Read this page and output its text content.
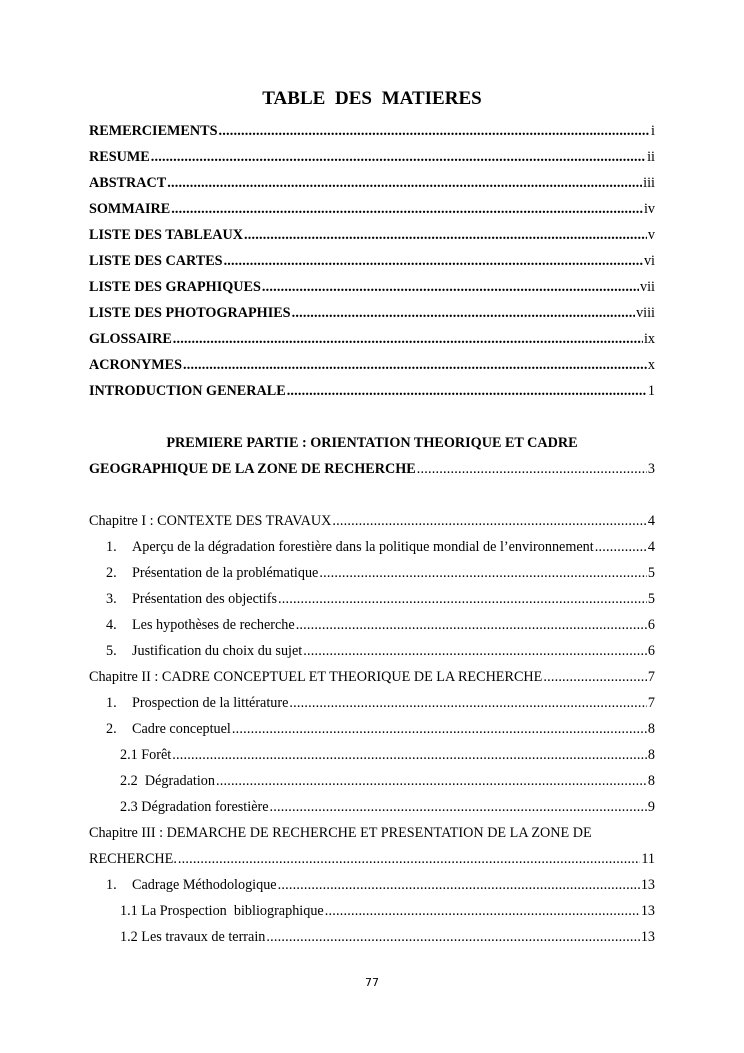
TABLE DES MATIERES
REMERCIEMENTS .....	i
RESUME .....	ii
ABSTRACT .....	iii
SOMMAIRE .....	iv
LISTE DES TABLEAUX .....	v
LISTE DES CARTES .....	vi
LISTE DES GRAPHIQUES .....	vii
LISTE DES PHOTOGRAPHIES .....	viii
GLOSSAIRE .....	ix
ACRONYMES .....	x
INTRODUCTION GENERALE .....	1
PREMIERE PARTIE : ORIENTATION THEORIQUE ET CADRE
GEOGRAPHIQUE DE LA ZONE DE RECHERCHE .....	3
Chapitre I : CONTEXTE DES TRAVAUX .....	4
1.	Aperçu de la dégradation forestière dans la politique mondial de l’environnement .....	4
2.	Présentation de la problématique .....	5
3.	Présentation des objectifs .....	5
4.	Les hypothèses de recherche .....	6
5.	Justification du choix du sujet .....	6
Chapitre II : CADRE CONCEPTUEL ET THEORIQUE DE LA RECHERCHE .....	7
1.	Prospection de la littérature .....	7
2.	Cadre conceptuel .....	8
2.1 Forêt .....	8
2.2  Dégradation .....	8
2.3 Dégradation forestière .....	9
Chapitre III : DEMARCHE DE RECHERCHE ET PRESENTATION DE LA ZONE DE
RECHERCHE. .....	11
1.	Cadrage Méthodologique .....	13
1.1 La Prospection  bibliographique .....	13
1.2 Les travaux de terrain .....	13
77
